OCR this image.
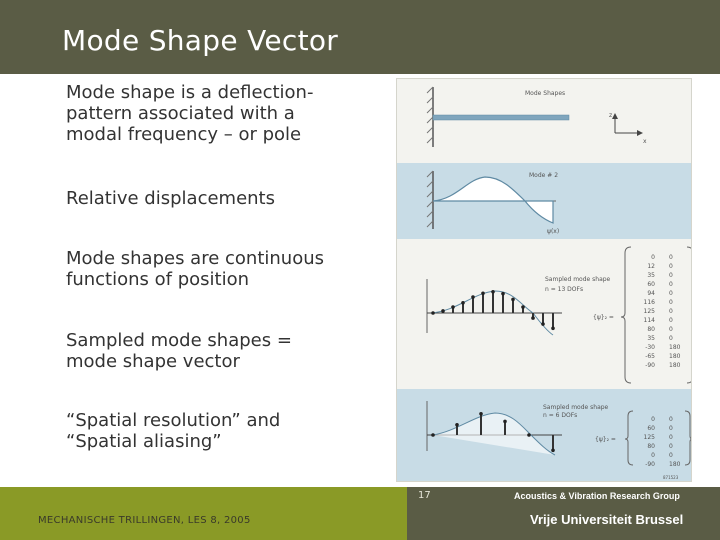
Mode Shape Vector
Mode shape is a deflection-
pattern associated with a
modal frequency – or pole
Relative displacements
Mode shapes are continuous
functions of position
Sampled mode shapes =
mode shape vector
“Spatial resolution” and
“Spatial aliasing”
Mode Shapes
z
x
Mode # 2
ψ(x)
Sampled mode shape
n = 13 DOFs
{ψ}₂ =
0 0
12 0
35 0
60 0
94 0
116 0
125 0
114 0
80 0
35 0
-30 180
-65 180
-90 180
Sampled mode shape
n = 6 DOFs
{ψ}₂ =
0 0
60 0
125 0
80 0
0 0
-90 180
871523
17	Acoustics & Vibration Research Group
MECHANISCHE TRILLINGEN, LES 8, 2005	Vrije Universiteit Brussel
